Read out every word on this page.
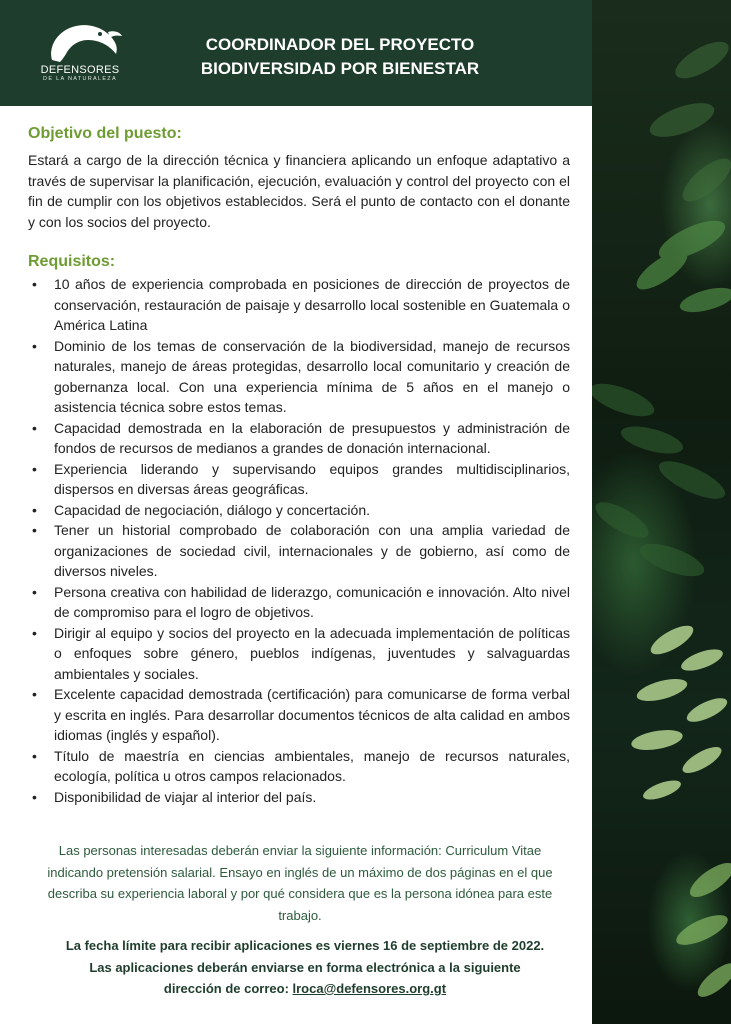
DEFENSORES
DE LA NATURALEZA
COORDINADOR DEL PROYECTO
BIODIVERSIDAD POR BIENESTAR
Objetivo del puesto:

Estará a cargo de la dirección técnica y financiera aplicando un enfoque adaptativo a través de supervisar la planificación, ejecución, evaluación y control del proyecto con el fin de cumplir con los objetivos establecidos. Será el punto de contacto con el donante y con los socios del proyecto.

Requisitos:
• 10 años de experiencia comprobada en posiciones de dirección de proyectos de conservación, restauración de paisaje y desarrollo local sostenible en Guatemala o América Latina
• Dominio de los temas de conservación de la biodiversidad, manejo de recursos naturales, manejo de áreas protegidas, desarrollo local comunitario y creación de gobernanza local. Con una experiencia mínima de 5 años en el manejo o asistencia técnica sobre estos temas.
• Capacidad demostrada en la elaboración de presupuestos y administración de fondos de recursos de medianos a grandes de donación internacional.
• Experiencia liderando y supervisando equipos grandes multidisciplinarios, dispersos en diversas áreas geográficas.
• Capacidad de negociación, diálogo y concertación.
• Tener un historial comprobado de colaboración con una amplia variedad de organizaciones de sociedad civil, internacionales y de gobierno, así como de diversos niveles.
• Persona creativa con habilidad de liderazgo, comunicación e innovación. Alto nivel de compromiso para el logro de objetivos.
• Dirigir al equipo y socios del proyecto en la adecuada implementación de políticas o enfoques sobre género, pueblos indígenas, juventudes y salvaguardas ambientales y sociales.
• Excelente capacidad demostrada (certificación) para comunicarse de forma verbal y escrita en inglés. Para desarrollar documentos técnicos de alta calidad en ambos idiomas (inglés y español).
• Título de maestría en ciencias ambientales, manejo de recursos naturales, ecología, política u otros campos relacionados.
• Disponibilidad de viajar al interior del país.

Las personas interesadas deberán enviar la siguiente información: Curriculum Vitae indicando pretensión salarial. Ensayo en inglés de un máximo de dos páginas en el que describa su experiencia laboral y por qué considera que es la persona idónea para este trabajo.

La fecha límite para recibir aplicaciones es viernes 16 de septiembre de 2022.
Las aplicaciones deberán enviarse en forma electrónica a la siguiente
dirección de correo: lroca@defensores.org.gt
